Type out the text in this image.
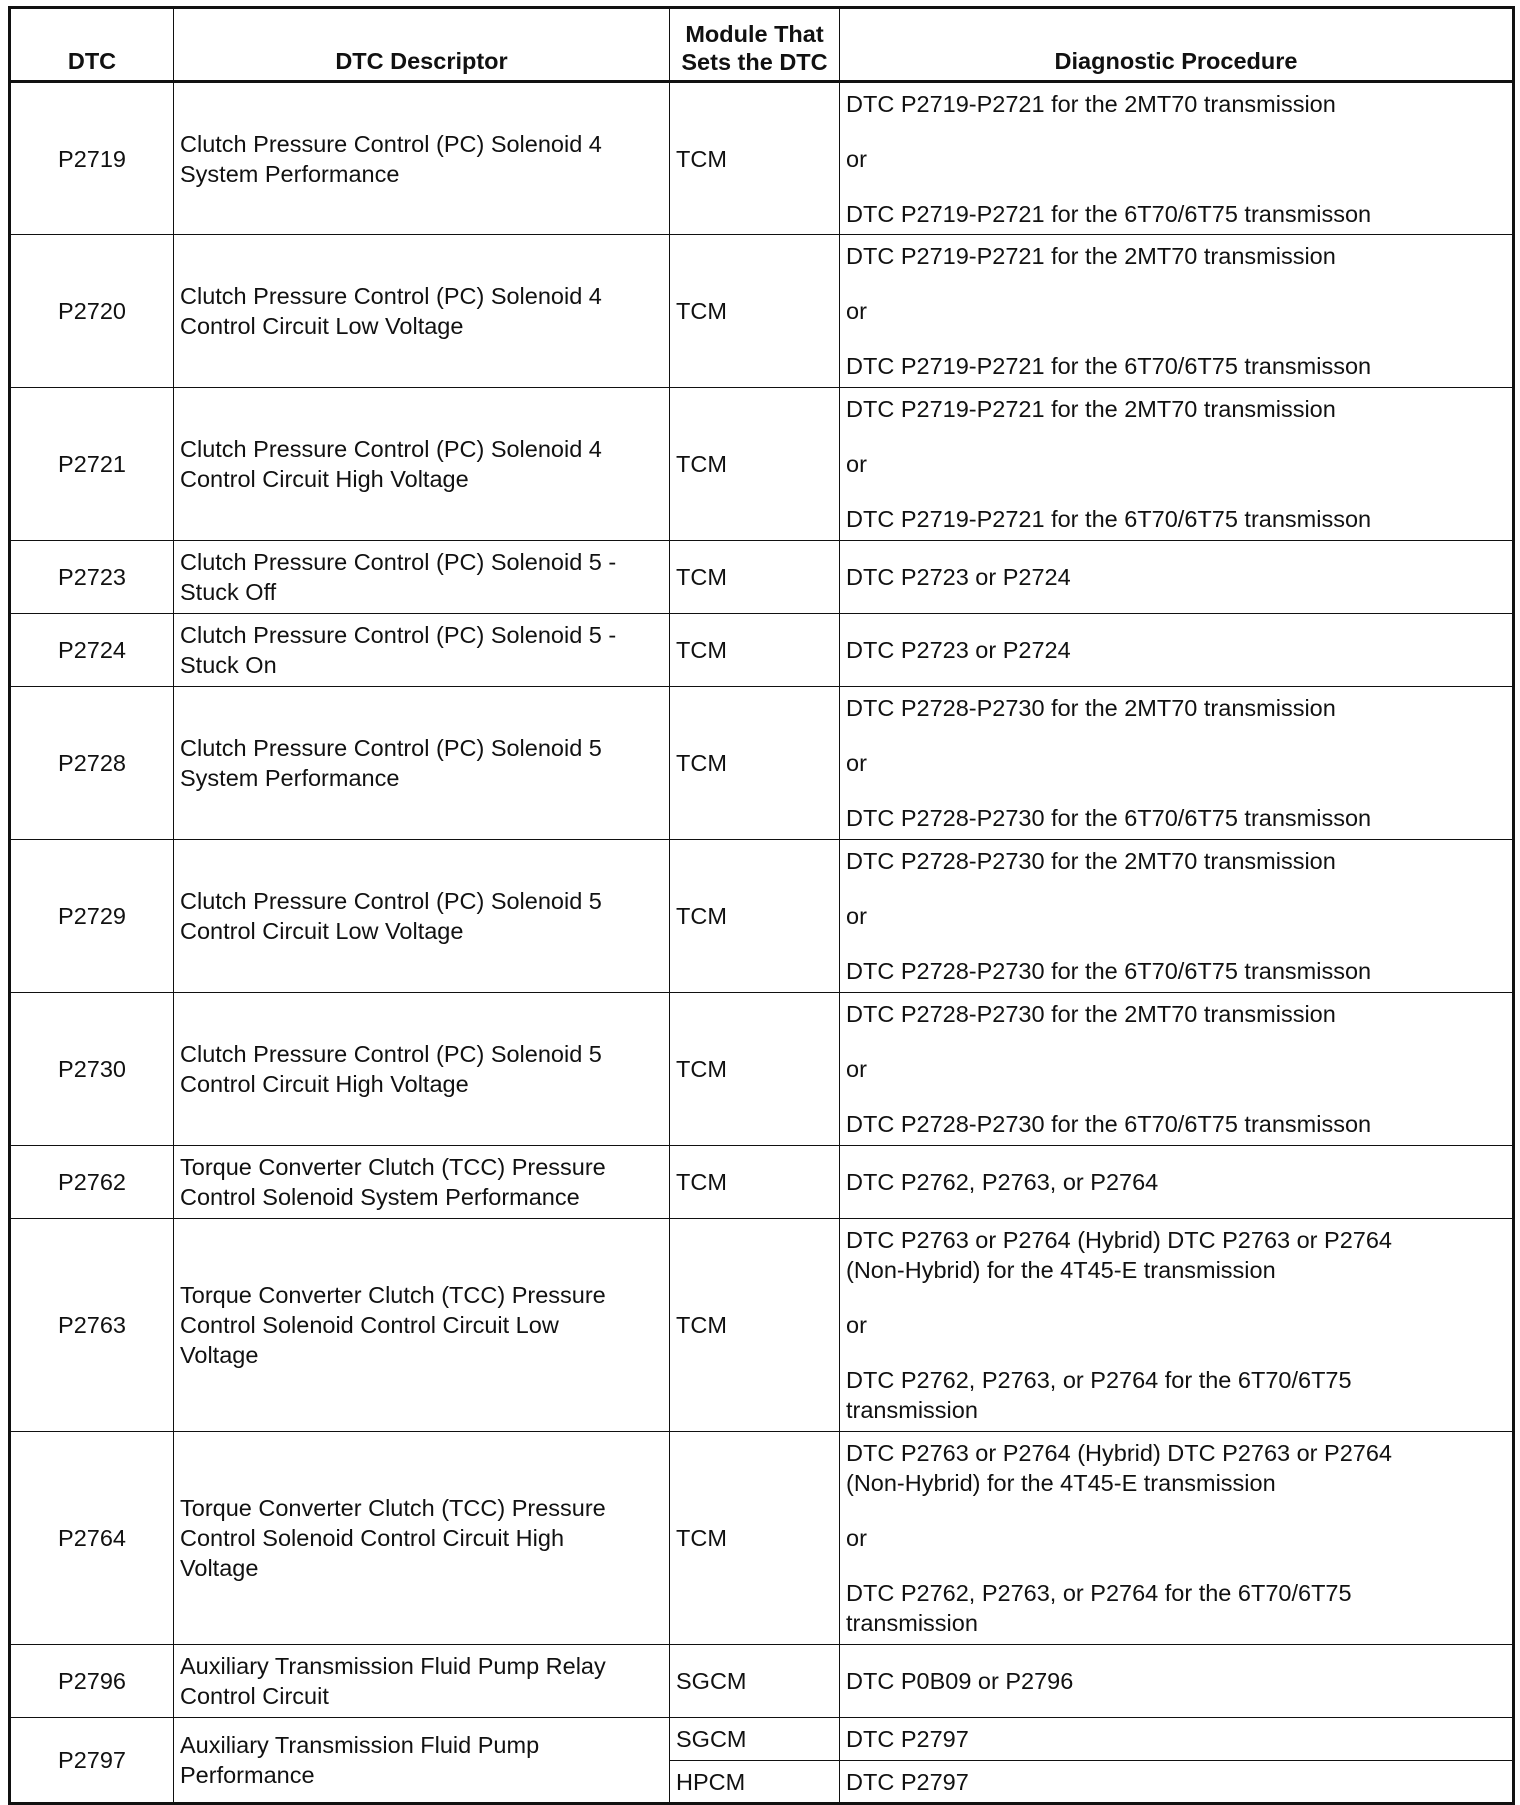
DTC	DTC Descriptor	Module That
Sets the DTC	Diagnostic Procedure
P2719	Clutch Pressure Control (PC) Solenoid 4
System Performance	TCM	DTC P2719-P2721 for the 2MT70 transmission
or
DTC P2719-P2721 for the 6T70/6T75 transmisson

P2720	Clutch Pressure Control (PC) Solenoid 4
Control Circuit Low Voltage	TCM	DTC P2719-P2721 for the 2MT70 transmission
or
DTC P2719-P2721 for the 6T70/6T75 transmisson

P2721	Clutch Pressure Control (PC) Solenoid 4
Control Circuit High Voltage	TCM	DTC P2719-P2721 for the 2MT70 transmission
or
DTC P2719-P2721 for the 6T70/6T75 transmisson

P2723	Clutch Pressure Control (PC) Solenoid 5 -
Stuck Off	TCM	DTC P2723 or P2724

P2724	Clutch Pressure Control (PC) Solenoid 5 -
Stuck On	TCM	DTC P2723 or P2724

P2728	Clutch Pressure Control (PC) Solenoid 5
System Performance	TCM	DTC P2728-P2730 for the 2MT70 transmission
or
DTC P2728-P2730 for the 6T70/6T75 transmisson

P2729	Clutch Pressure Control (PC) Solenoid 5
Control Circuit Low Voltage	TCM	DTC P2728-P2730 for the 2MT70 transmission
or
DTC P2728-P2730 for the 6T70/6T75 transmisson

P2730	Clutch Pressure Control (PC) Solenoid 5
Control Circuit High Voltage	TCM	DTC P2728-P2730 for the 2MT70 transmission
or
DTC P2728-P2730 for the 6T70/6T75 transmisson

P2762	Torque Converter Clutch (TCC) Pressure
Control Solenoid System Performance	TCM	DTC P2762, P2763, or P2764

P2763	Torque Converter Clutch (TCC) Pressure
Control Solenoid Control Circuit Low
Voltage	TCM	DTC P2763 or P2764 (Hybrid) DTC P2763 or P2764
(Non-Hybrid) for the 4T45-E transmission
or
DTC P2762, P2763, or P2764 for the 6T70/6T75
transmission

P2764	Torque Converter Clutch (TCC) Pressure
Control Solenoid Control Circuit High
Voltage	TCM	DTC P2763 or P2764 (Hybrid) DTC P2763 or P2764
(Non-Hybrid) for the 4T45-E transmission
or
DTC P2762, P2763, or P2764 for the 6T70/6T75
transmission

P2796	Auxiliary Transmission Fluid Pump Relay
Control Circuit	SGCM	DTC P0B09 or P2796

P2797	Auxiliary Transmission Fluid Pump
Performance	SGCM	DTC P2797

		HPCM	DTC P2797
